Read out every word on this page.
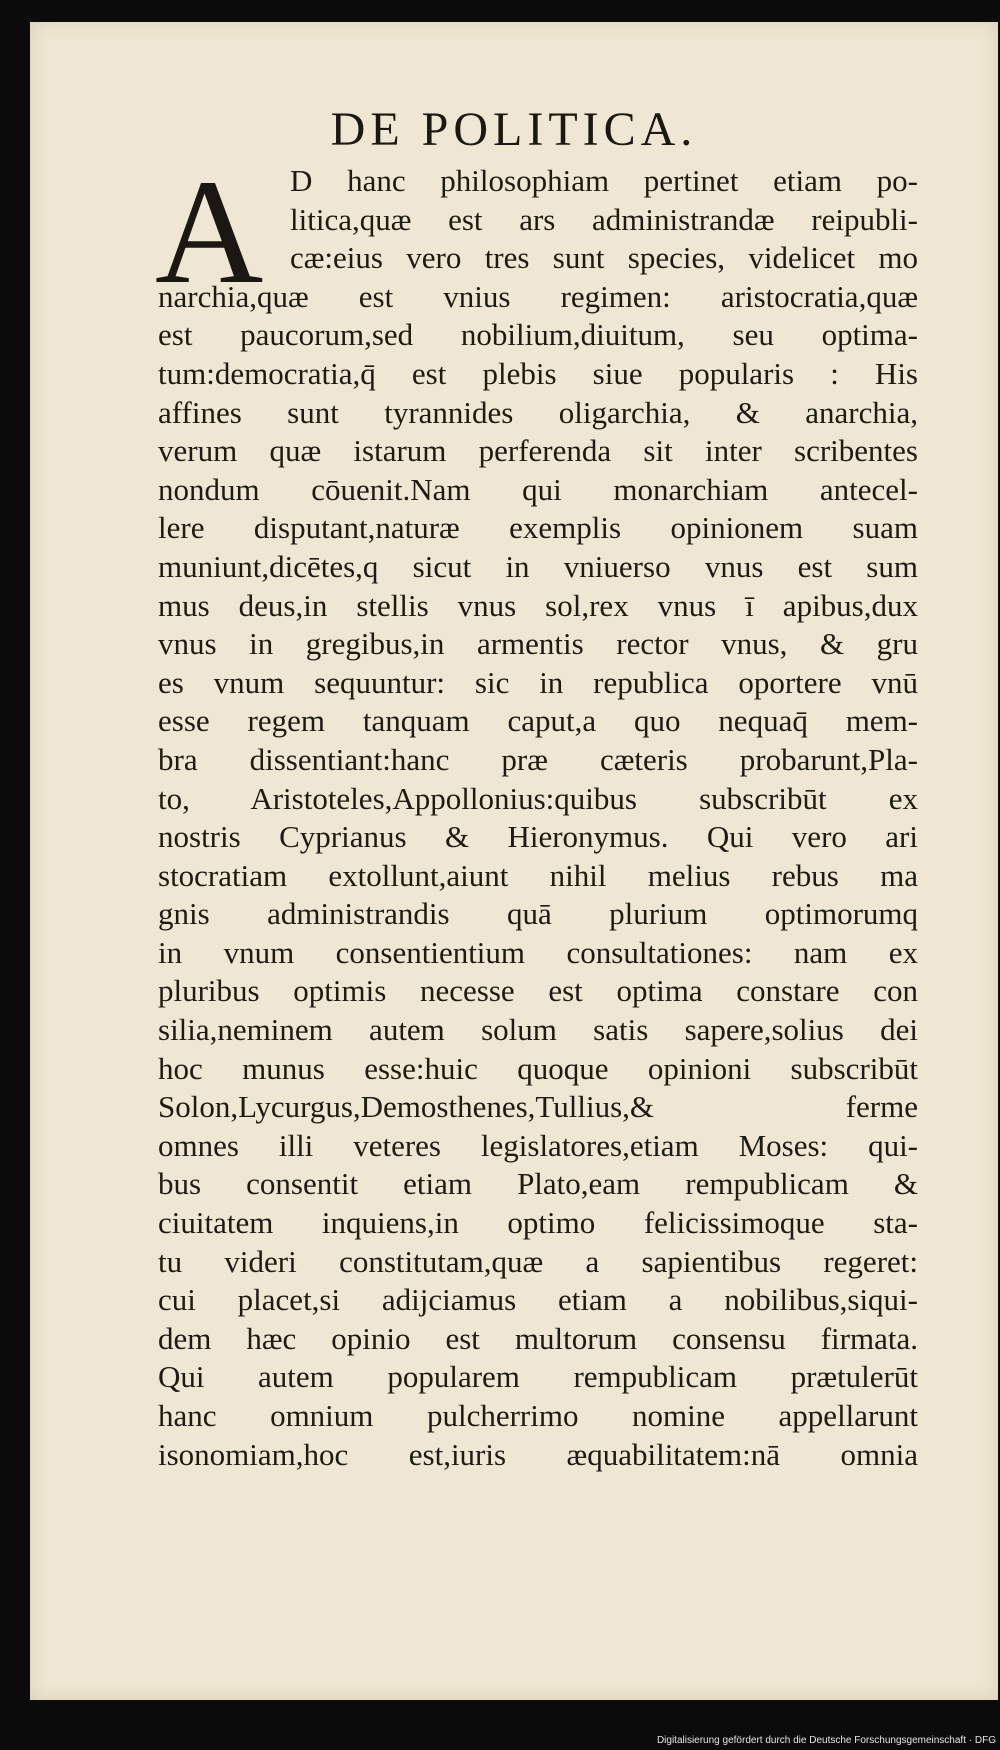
DE POLITICA.
A D hanc philosophiam pertinet etiam po-
litica,quæ est ars administrandæ reipubli-
cæ:eius vero tres sunt species, videlicet mo
narchia,quæ est vnius regimen: aristocratia,quæ
est paucorum,sed nobilium,diuitum, seu optima-
tum:democratia,q̄ est plebis siue popularis : His
affines sunt tyrannides oligarchia, & anarchia,
verum quæ istarum perferenda sit inter scribentes
nondum cōuenit.Nam qui monarchiam antecel-
lere disputant,naturæ exemplis opinionem suam
muniunt,dicētes,q sicut in vniuerso vnus est sum
mus deus,in stellis vnus sol,rex vnus ī apibus,dux
vnus in gregibus,in armentis rector vnus, & gru
es vnum sequuntur: sic in republica oportere vnū
esse regem tanquam caput,a quo nequaq̄ mem-
bra dissentiant:hanc præ cæteris probarunt,Pla-
to, Aristoteles,Appollonius:quibus subscribūt ex
nostris Cyprianus & Hieronymus. Qui vero ari
stocratiam extollunt,aiunt nihil melius rebus ma
gnis administrandis quā plurium optimorumq
in vnum consentientium consultationes: nam ex
pluribus optimis necesse est optima constare con
silia,neminem autem solum satis sapere,solius dei
hoc munus esse:huic quoque opinioni subscribūt
Solon,Lycurgus,Demosthenes,Tullius,& ferme
omnes illi veteres legislatores,etiam Moses: qui-
bus consentit etiam Plato,eam rempublicam &
ciuitatem inquiens,in optimo felicissimoque sta-
tu videri constitutam,quæ a sapientibus regeret:
cui placet,si adijciamus etiam a nobilibus,siqui-
dem hæc opinio est multorum consensu firmata.
Qui autem popularem rempublicam prætulerūt
hanc omnium pulcherrimo nomine appellarunt
isonomiam,hoc est,iuris æquabilitatem:nā omnia
Digitalisierung gefördert durch die Deutsche Forschungsgemeinschaft · DFG
